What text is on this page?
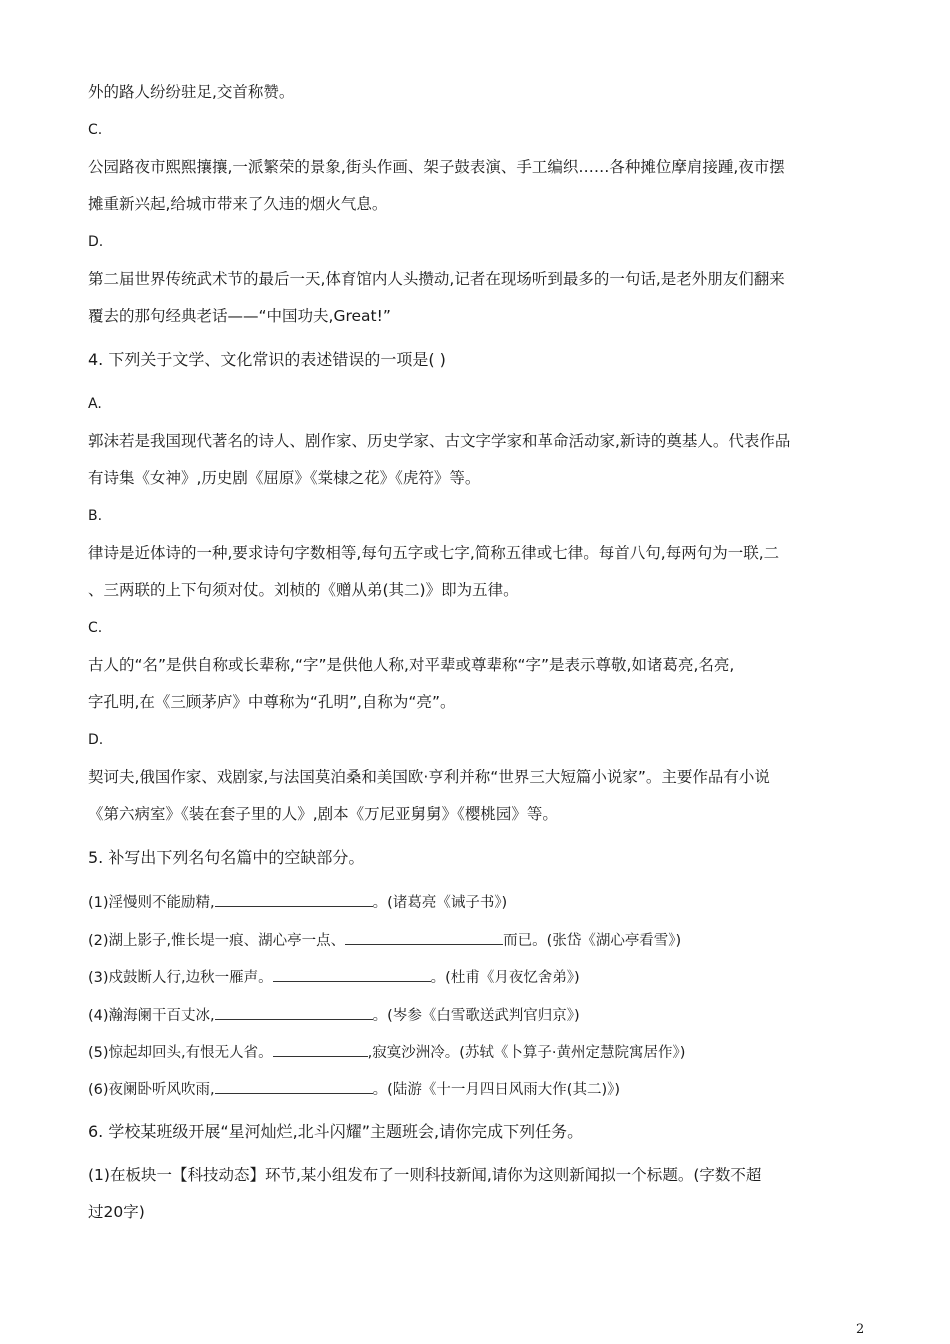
外的路人纷纷驻足,交首称赞。

C.

公园路夜市熙熙攘攘,一派繁荣的景象,街头作画、架子鼓表演、手工编织……各种摊位摩肩接踵,夜市摆

摊重新兴起,给城市带来了久违的烟火气息。

D.

第二届世界传统武术节的最后一天,体育馆内人头攒动,记者在现场听到最多的一句话,是老外朋友们翻来

覆去的那句经典老话——“中国功夫,Great!”

4. 下列关于文学、文化常识的表述错误的一项是( )

A.

郭沫若是我国现代著名的诗人、剧作家、历史学家、古文字学家和革命活动家,新诗的奠基人。代表作品

有诗集《女神》,历史剧《屈原》《棠棣之花》《虎符》等。

B.

律诗是近体诗的一种,要求诗句字数相等,每句五字或七字,简称五律或七律。每首八句,每两句为一联,二

、三两联的上下句须对仗。刘桢的《赠从弟(其二)》即为五律。

C.

古人的“名”是供自称或长辈称,“字”是供他人称,对平辈或尊辈称“字”是表示尊敬,如诸葛亮,名亮,

字孔明,在《三顾茅庐》中尊称为“孔明”,自称为“亮”。

D.

契诃夫,俄国作家、戏剧家,与法国莫泊桑和美国欧·亨利并称“世界三大短篇小说家”。主要作品有小说

《第六病室》《装在套子里的人》,剧本《万尼亚舅舅》《樱桃园》等。

5. 补写出下列名句名篇中的空缺部分。

(1)淫慢则不能励精,	。(诸葛亮《诫子书》)

(2)湖上影子,惟长堤一痕、湖心亭一点、	而已。(张岱《湖心亭看雪》)

(3)戍鼓断人行,边秋一雁声。	。(杜甫《月夜忆舍弟》)

(4)瀚海阑干百丈冰,	。(岑参《白雪歌送武判官归京》)

(5)惊起却回头,有恨无人省。	,寂寞沙洲冷。(苏轼《卜算子·黄州定慧院寓居作》)

(6)夜阑卧听风吹雨,	。(陆游《十一月四日风雨大作(其二)》)

6. 学校某班级开展“星河灿烂,北斗闪耀”主题班会,请你完成下列任务。

(1)在板块一【科技动态】环节,某小组发布了一则科技新闻,请你为这则新闻拟一个标题。(字数不超

过20字)

2
